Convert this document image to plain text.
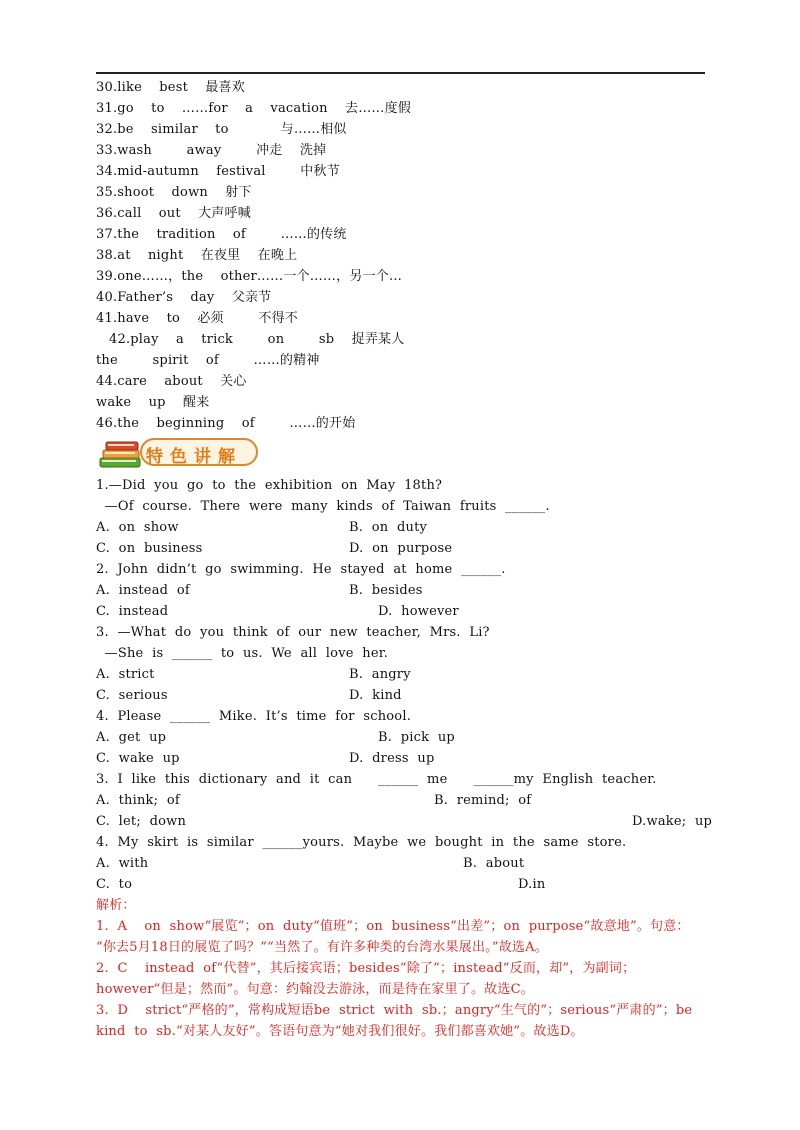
30.like    best    最喜欢
31.go    to    ……for    a    vacation    去……度假
32.be    similar    to            与……相似
33.wash        away        冲走    洗掉
34.mid-autumn    festival        中秋节
35.shoot    down    射下
36.call    out    大声呼喊
37.the    tradition    of        ……的传统
38.at    night    在夜里    在晚上
39.one……，the    other……一个……，另一个…
40.Father’s    day    父亲节
41.have    to    必须        不得不
42.play    a    trick        on        sb    捉弄某人
the        spirit    of        ……的精神
44.care    about    关心
wake    up    醒来
46.the    beginning    of        ……的开始
特色讲解
1.—Did  you  go  to  the  exhibition  on  May  18th?
—Of  course.  There  were  many  kinds  of  Taiwan  fruits  ______.
A.  on  show	B.  on  duty
C.  on  business	D.  on  purpose
2.  John  didn’t  go  swimming.  He  stayed  at  home  ______.
A.  instead  of	B.  besides
C.  instead	D.  however
3.  —What  do  you  think  of  our  new  teacher,  Mrs.  Li?
—She  is  ______  to  us.  We  all  love  her.
A.  strict	B.  angry
C.  serious	D.  kind
4.  Please  ______  Mike.  It’s  time  for  school.
A.  get  up	B.  pick  up
C.  wake  up	D.  dress  up
3.  I  like  this  dictionary  and  it  can      ______  me      ______my  English  teacher.
A.  think;  of	B.  remind;  of
C.  let;  down	D.wake;  up
4.  My  skirt  is  similar  ______yours.  Maybe  we  bought  in  the  same  store.
A.  with	B.  about
C.  to	D.in
解析：
1.  A    on  show“展览”；on  duty“值班”；on  business“出差”；on  purpose“故意地”。句意：
“你去5月18日的展览了吗？”“当然了。有许多种类的台湾水果展出。”故选A。
2.  C    instead  of“代替”，其后接宾语；besides“除了”；instead“反而，却”，为副词；
however“但是；然而”。句意：约翰没去游泳，而是待在家里了。故选C。
3.  D    strict“严格的”，常构成短语be  strict  with  sb.；angry“生气的”；serious“严肃的”；be
kind  to  sb.“对某人友好”。答语句意为“她对我们很好。我们都喜欢她”。故选D。
